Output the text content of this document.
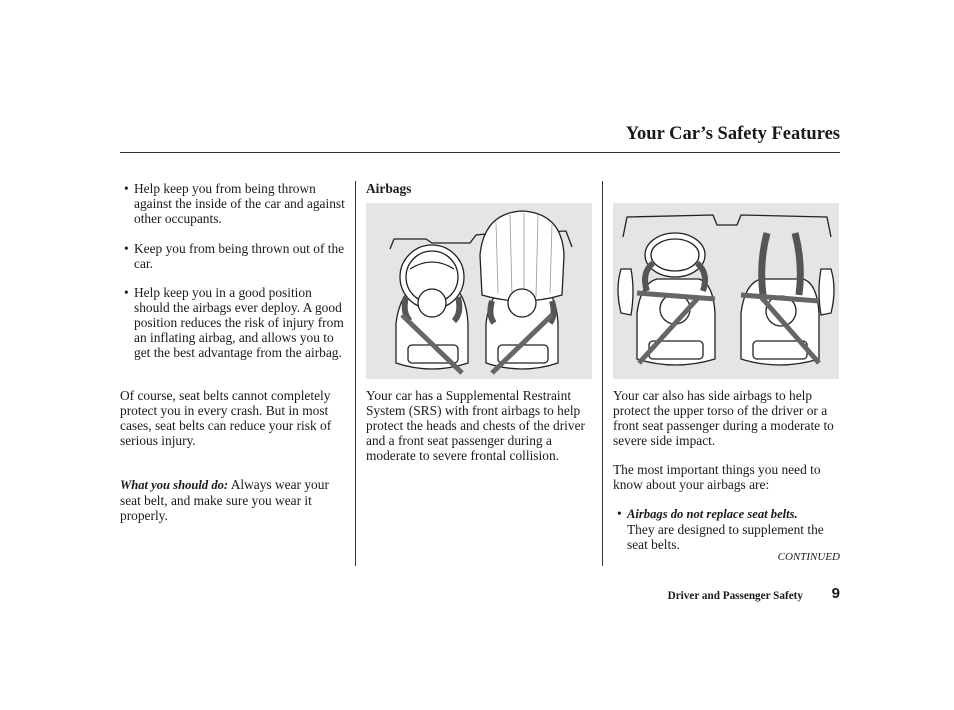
Your Car’s Safety Features
• Help keep you from being thrown against the inside of the car and against other occupants.
• Keep you from being thrown out of the car.
• Help keep you in a good position should the airbags ever deploy. A good position reduces the risk of injury from an inflating airbag, and allows you to get the best advantage from the airbag.
Of course, seat belts cannot completely protect you in every crash. But in most cases, seat belts can reduce your risk of serious injury.
What you should do: Always wear your seat belt, and make sure you wear it properly.
Airbags
Your car has a Supplemental Restraint System (SRS) with front airbags to help protect the heads and chests of the driver and a front seat passenger during a moderate to severe frontal collision.
Your car also has side airbags to help protect the upper torso of the driver or a front seat passenger during a moderate to severe side impact.
The most important things you need to know about your airbags are:
• Airbags do not replace seat belts.
They are designed to supplement the seat belts.
CONTINUED
Driver and Passenger Safety	9
